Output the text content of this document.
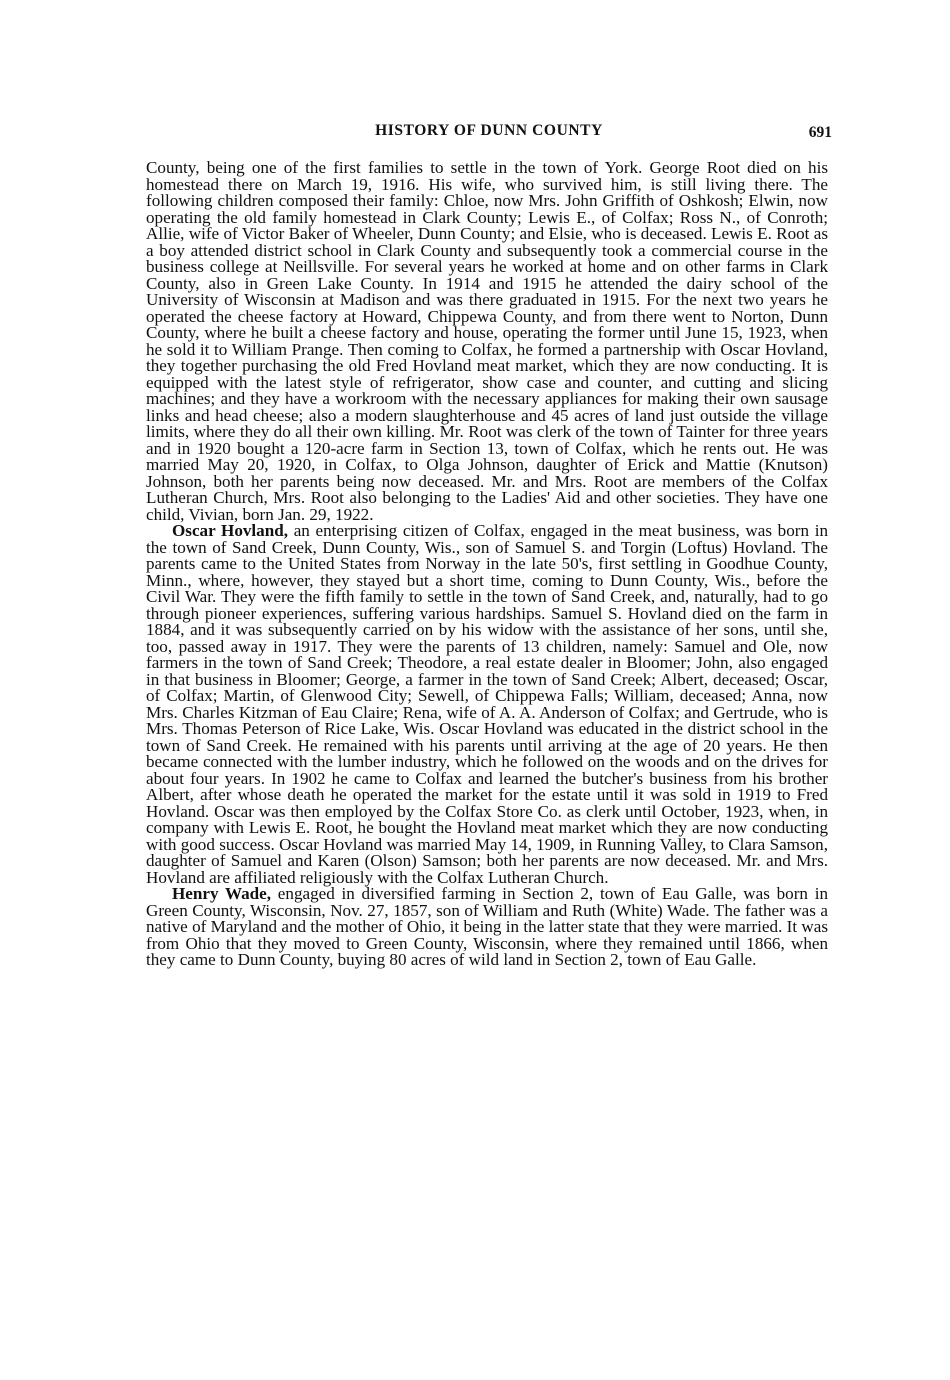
HISTORY OF DUNN COUNTY	691

County, being one of the first families to settle in the town of York. George Root died on his homestead there on March 19, 1916. His wife, who survived him, is still living there. The following children composed their family: Chloe, now Mrs. John Griffith of Oshkosh; Elwin, now operating the old family homestead in Clark County; Lewis E., of Colfax; Ross N., of Conroth; Allie, wife of Victor Baker of Wheeler, Dunn County; and Elsie, who is deceased. Lewis E. Root as a boy attended district school in Clark County and subsequently took a commercial course in the business college at Neillsville. For several years he worked at home and on other farms in Clark County, also in Green Lake County. In 1914 and 1915 he attended the dairy school of the University of Wisconsin at Madison and was there graduated in 1915. For the next two years he operated the cheese factory at Howard, Chippewa County, and from there went to Norton, Dunn County, where he built a cheese factory and house, operating the former until June 15, 1923, when he sold it to William Prange. Then coming to Colfax, he formed a partnership with Oscar Hovland, they together purchasing the old Fred Hovland meat market, which they are now conducting. It is equipped with the latest style of refrigerator, show case and counter, and cutting and slicing machines; and they have a workroom with the necessary appliances for making their own sausage links and head cheese; also a modern slaughterhouse and 45 acres of land just outside the village limits, where they do all their own killing. Mr. Root was clerk of the town of Tainter for three years and in 1920 bought a 120-acre farm in Section 13, town of Colfax, which he rents out. He was married May 20, 1920, in Colfax, to Olga Johnson, daughter of Erick and Mattie (Knutson) Johnson, both her parents being now deceased. Mr. and Mrs. Root are members of the Colfax Lutheran Church, Mrs. Root also belonging to the Ladies' Aid and other societies. They have one child, Vivian, born Jan. 29, 1922.

Oscar Hovland, an enterprising citizen of Colfax, engaged in the meat business, was born in the town of Sand Creek, Dunn County, Wis., son of Samuel S. and Torgin (Loftus) Hovland. The parents came to the United States from Norway in the late 50's, first settling in Goodhue County, Minn., where, however, they stayed but a short time, coming to Dunn County, Wis., before the Civil War. They were the fifth family to settle in the town of Sand Creek, and, naturally, had to go through pioneer experiences, suffering various hardships. Samuel S. Hovland died on the farm in 1884, and it was subsequently carried on by his widow with the assistance of her sons, until she, too, passed away in 1917. They were the parents of 13 children, namely: Samuel and Ole, now farmers in the town of Sand Creek; Theodore, a real estate dealer in Bloomer; John, also engaged in that business in Bloomer; George, a farmer in the town of Sand Creek; Albert, deceased; Oscar, of Colfax; Martin, of Glenwood City; Sewell, of Chippewa Falls; William, deceased; Anna, now Mrs. Charles Kitzman of Eau Claire; Rena, wife of A. A. Anderson of Colfax; and Gertrude, who is Mrs. Thomas Peterson of Rice Lake, Wis. Oscar Hovland was educated in the district school in the town of Sand Creek. He remained with his parents until arriving at the age of 20 years. He then became connected with the lumber industry, which he followed on the woods and on the drives for about four years. In 1902 he came to Colfax and learned the butcher's business from his brother Albert, after whose death he operated the market for the estate until it was sold in 1919 to Fred Hovland. Oscar was then employed by the Colfax Store Co. as clerk until October, 1923, when, in company with Lewis E. Root, he bought the Hovland meat market which they are now conducting with good success. Oscar Hovland was married May 14, 1909, in Running Valley, to Clara Samson, daughter of Samuel and Karen (Olson) Samson; both her parents are now deceased. Mr. and Mrs. Hovland are affiliated religiously with the Colfax Lutheran Church.

Henry Wade, engaged in diversified farming in Section 2, town of Eau Galle, was born in Green County, Wisconsin, Nov. 27, 1857, son of William and Ruth (White) Wade. The father was a native of Maryland and the mother of Ohio, it being in the latter state that they were married. It was from Ohio that they moved to Green County, Wisconsin, where they remained until 1866, when they came to Dunn County, buying 80 acres of wild land in Section 2, town of Eau Galle.
